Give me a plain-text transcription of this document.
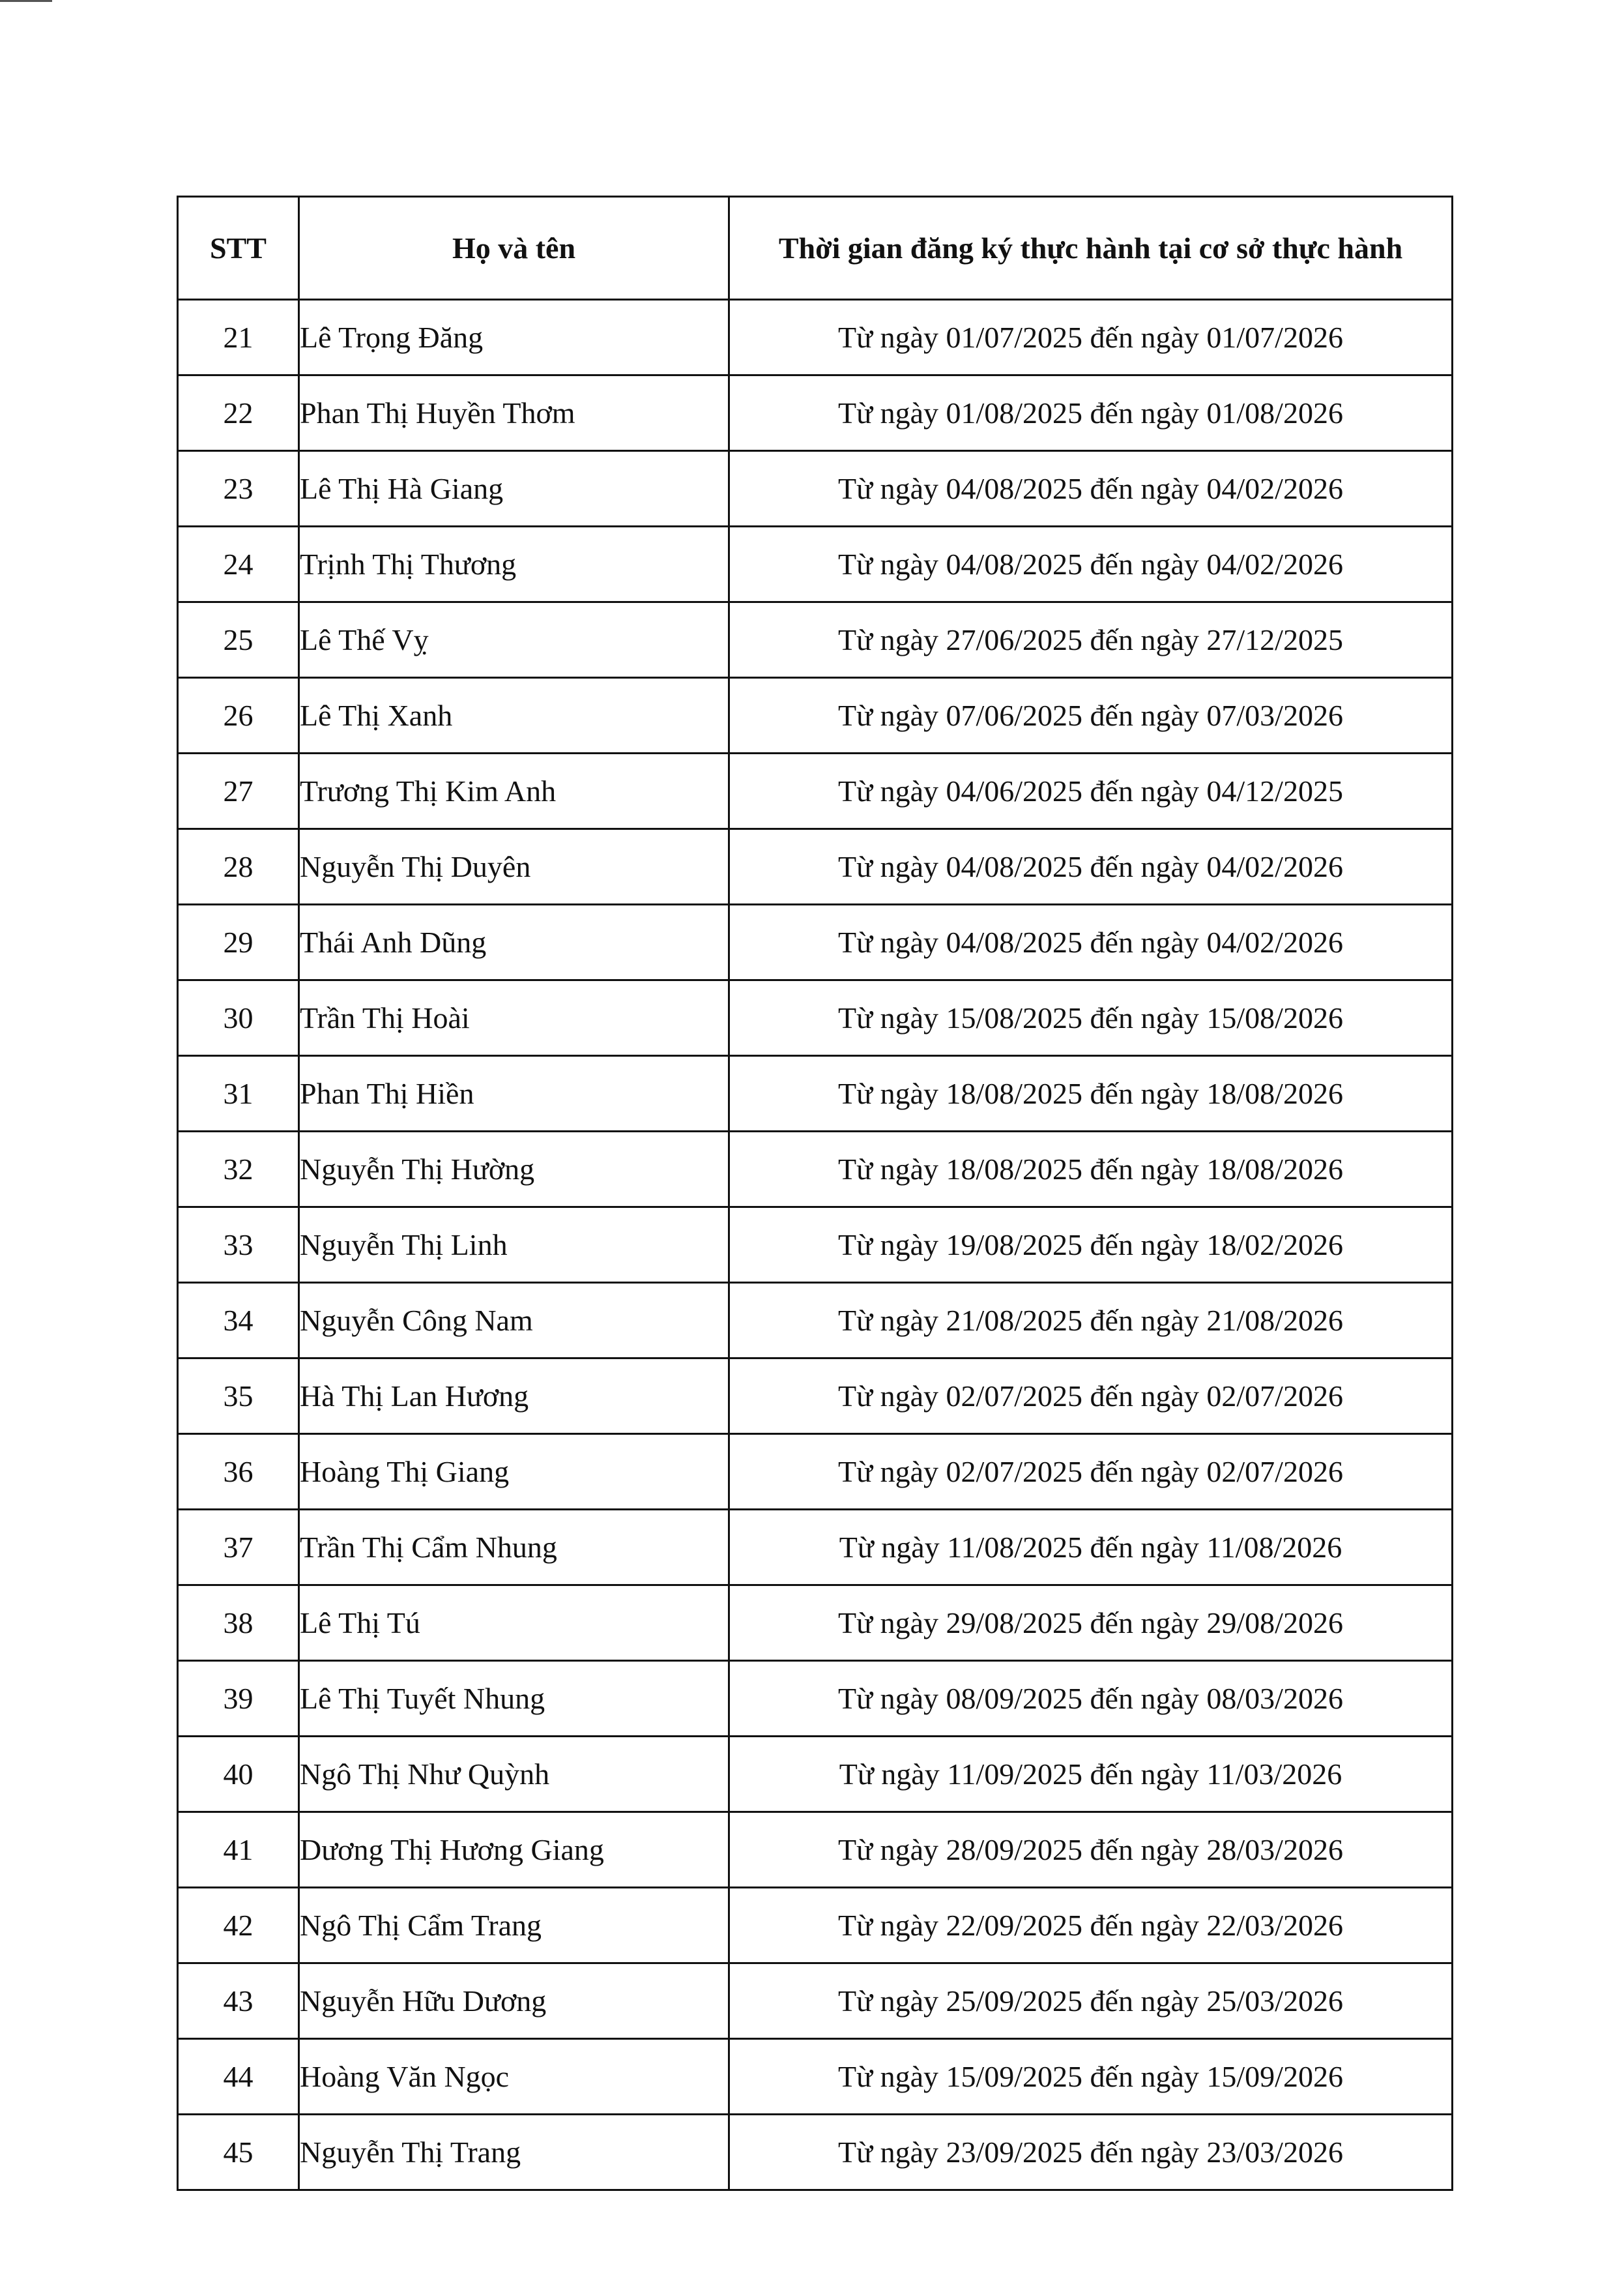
STT	Họ và tên	Thời gian đăng ký thực hành tại cơ sở thực hành
21	Lê Trọng Đăng	Từ ngày 01/07/2025 đến ngày 01/07/2026
22	Phan Thị Huyền Thơm	Từ ngày 01/08/2025 đến ngày 01/08/2026
23	Lê Thị Hà Giang	Từ ngày 04/08/2025 đến ngày 04/02/2026
24	Trịnh Thị Thương	Từ ngày 04/08/2025 đến ngày 04/02/2026
25	Lê Thế Vỵ	Từ ngày 27/06/2025 đến ngày 27/12/2025
26	Lê Thị Xanh	Từ ngày 07/06/2025 đến ngày 07/03/2026
27	Trương Thị Kim Anh	Từ ngày 04/06/2025 đến ngày 04/12/2025
28	Nguyễn Thị Duyên	Từ ngày 04/08/2025 đến ngày 04/02/2026
29	Thái Anh Dũng	Từ ngày 04/08/2025 đến ngày 04/02/2026
30	Trần Thị Hoài	Từ ngày 15/08/2025 đến ngày 15/08/2026
31	Phan Thị Hiền	Từ ngày 18/08/2025 đến ngày 18/08/2026
32	Nguyễn Thị Hường	Từ ngày 18/08/2025 đến ngày 18/08/2026
33	Nguyễn Thị Linh	Từ ngày 19/08/2025 đến ngày 18/02/2026
34	Nguyễn Công Nam	Từ ngày 21/08/2025 đến ngày 21/08/2026
35	Hà Thị Lan Hương	Từ ngày 02/07/2025 đến ngày 02/07/2026
36	Hoàng Thị Giang	Từ ngày 02/07/2025 đến ngày 02/07/2026
37	Trần Thị Cẩm Nhung	Từ ngày 11/08/2025 đến ngày 11/08/2026
38	Lê Thị Tú	Từ ngày 29/08/2025 đến ngày 29/08/2026
39	Lê Thị Tuyết Nhung	Từ ngày 08/09/2025 đến ngày 08/03/2026
40	Ngô Thị Như Quỳnh	Từ ngày 11/09/2025 đến ngày 11/03/2026
41	Dương Thị Hương Giang	Từ ngày 28/09/2025 đến ngày 28/03/2026
42	Ngô Thị Cẩm Trang	Từ ngày 22/09/2025 đến ngày 22/03/2026
43	Nguyễn Hữu Dương	Từ ngày 25/09/2025 đến ngày 25/03/2026
44	Hoàng Văn Ngọc	Từ ngày 15/09/2025 đến ngày 15/09/2026
45	Nguyễn Thị Trang	Từ ngày 23/09/2025 đến ngày 23/03/2026
